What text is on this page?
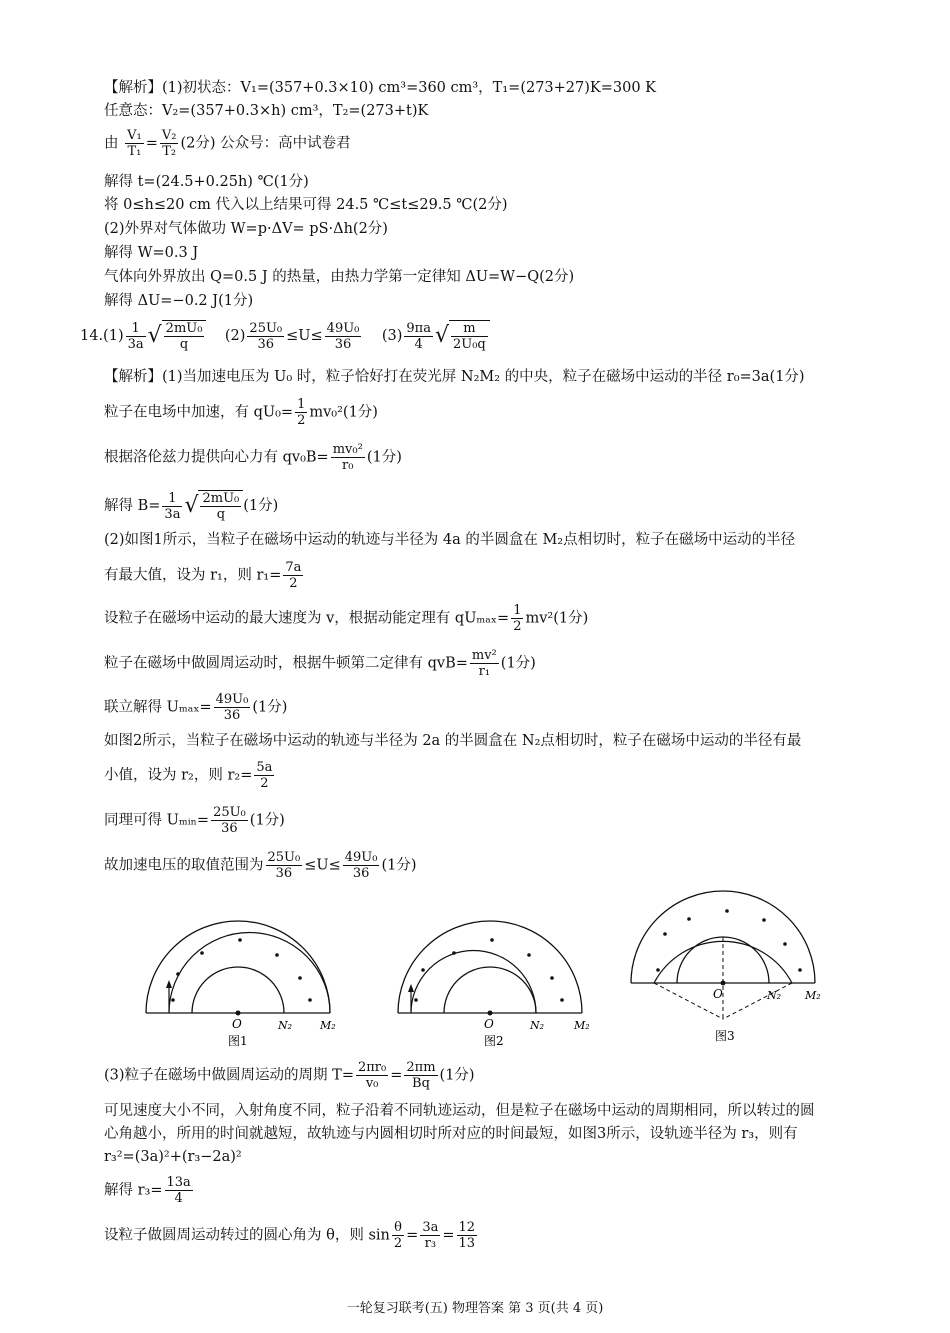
【解析】(1)初状态：V₁=(357+0.3×10) cm³=360 cm³，T₁=(273+27)K=300 K
任意态：V₂=(357+0.3×h) cm³，T₂=(273+t)K
由 $\frac{\text{V₁}}{\text{T₁}} = \frac{\text{V₂}}{\text{T₂}} (2$分) 公众号：高中试卷君
解得 t=(24.5+0.25h) ℃(1分)
将 0≤h≤20 cm 代入以上结果可得 24.5 ℃≤t≤29.5 ℃(2分)
(2)外界对气体做功 W=p·ΔV= pS·Δh(2分)
解得 W=0.3 J
气体向外界放出 Q=0.5 J 的热量，由热力学第一定律知 ΔU=W−Q(2分)
解得 ΔU=−0.2 J(1分)
$14.(1) \frac{1}{3a}$ √ $\frac{\text{2mU₀}}{q} (2) \frac{\text{25U₀}}{36} \le U\le \frac{\text{49U₀}}{36} (3) \frac{9\pi a}{4}$ √ $\frac{m}{\text{2U₀q}}$
【解析】(1)当加速电压为 U₀ 时，粒子恰好打在荧光屏 N₂M₂ 的中央，粒子在磁场中运动的半径 r₀=3a(1分)
粒子在电场中加速，有 $qU_0= \frac{1}{2} mv_0^2(1$分)
根据洛伦兹力提供向心力有 $qv_0B= \frac{\text{mv₀²}}{\text{r₀}} (1$分)
解得 $B= \frac{1}{3a}$ √ $\frac{\text{2mU₀}}{q} (1$分)
(2)如图1所示，当粒子在磁场中运动的轨迹与半径为 4a 的半圆盒在 M₂点相切时，粒子在磁场中运动的半径
有最大值，设为 r₁，则 $r_1= \frac{7a}{2}$
设粒子在磁场中运动的最大速度为 v，根据动能定理有 $qU_{max}= \frac{1}{2} mv^2(1$分)
粒子在磁场中做圆周运动时，根据牛顿第二定律有 $qvB= \frac{\text{mv²}}{\text{r₁}} (1$分)
联立解得 $U_{max}= \frac{\text{49U₀}}{36} (1$分)
如图2所示，当粒子在磁场中运动的轨迹与半径为 2a 的半圆盒在 N₂点相切时，粒子在磁场中运动的半径有最
小值，设为 r₂，则 $r_2= \frac{5a}{2}$
同理可得 Uₘᵢₙ= $\frac{\text{25U₀}}{36} (1$分)
故加速电压的取值范围为 $\frac{\text{25U₀}}{36} \le U\le \frac{\text{49U₀}}{36} (1$分)
O	N₂	M₂
图1
O	N₂	M₂
图2
O	N₂ M₂
图3
(3)粒子在磁场中做圆周运动的周期 $T= \frac{\text{2πr₀}}{\text{v₀}} = \frac{2\pi m}{Bq} (1$分)
可见速度大小不同，入射角度不同，粒子沿着不同轨迹运动，但是粒子在磁场中运动的周期相同，所以转过的圆
心角越小，所用的时间就越短，故轨迹与内圆相切时所对应的时间最短，如图3所示，设轨迹半径为 r₃，则有
r₃²=(3a)²+(r₃−2a)²
解得 $r_3= \frac{13a}{4}$
设粒子做圆周运动转过的圆心角为 θ，则 $\sin \frac{\theta}{2} = \frac{3a}{\text{r₃}} = \frac{12}{13}$
一轮复习联考(五) 物理答案 第 3 页(共 4 页)
